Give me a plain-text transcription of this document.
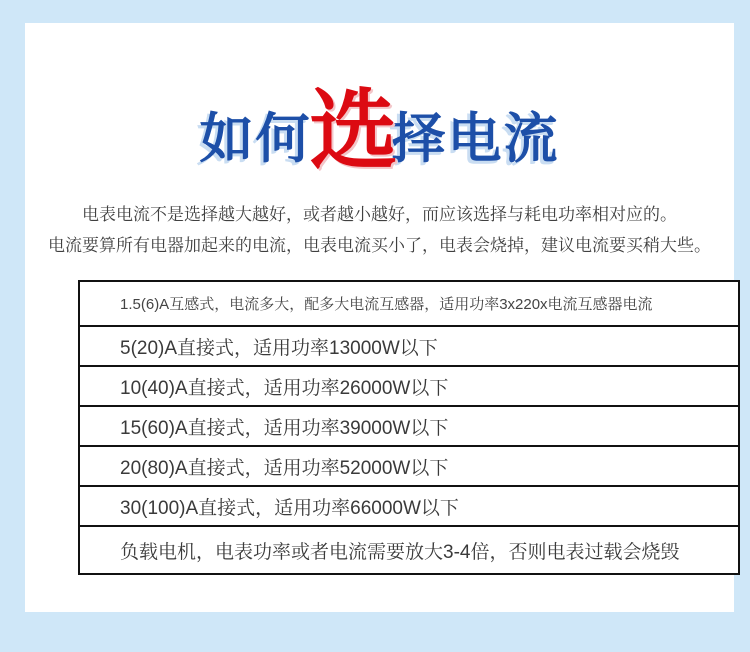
如何
选
择电流
电表电流不是选择越大越好，或者越小越好，而应该选择与耗电功率相对应的。
电流要算所有电器加起来的电流，电表电流买小了，电表会烧掉，建议电流要买稍大些。
1.5(6)A互感式，电流多大，配多大电流互感器，适用功率3x220x电流互感器电流
5(20)A直接式，适用功率13000W以下
10(40)A直接式，适用功率26000W以下
15(60)A直接式，适用功率39000W以下
20(80)A直接式，适用功率52000W以下
30(100)A直接式，适用功率66000W以下
负载电机，电表功率或者电流需要放大3-4倍，否则电表过载会烧毁
